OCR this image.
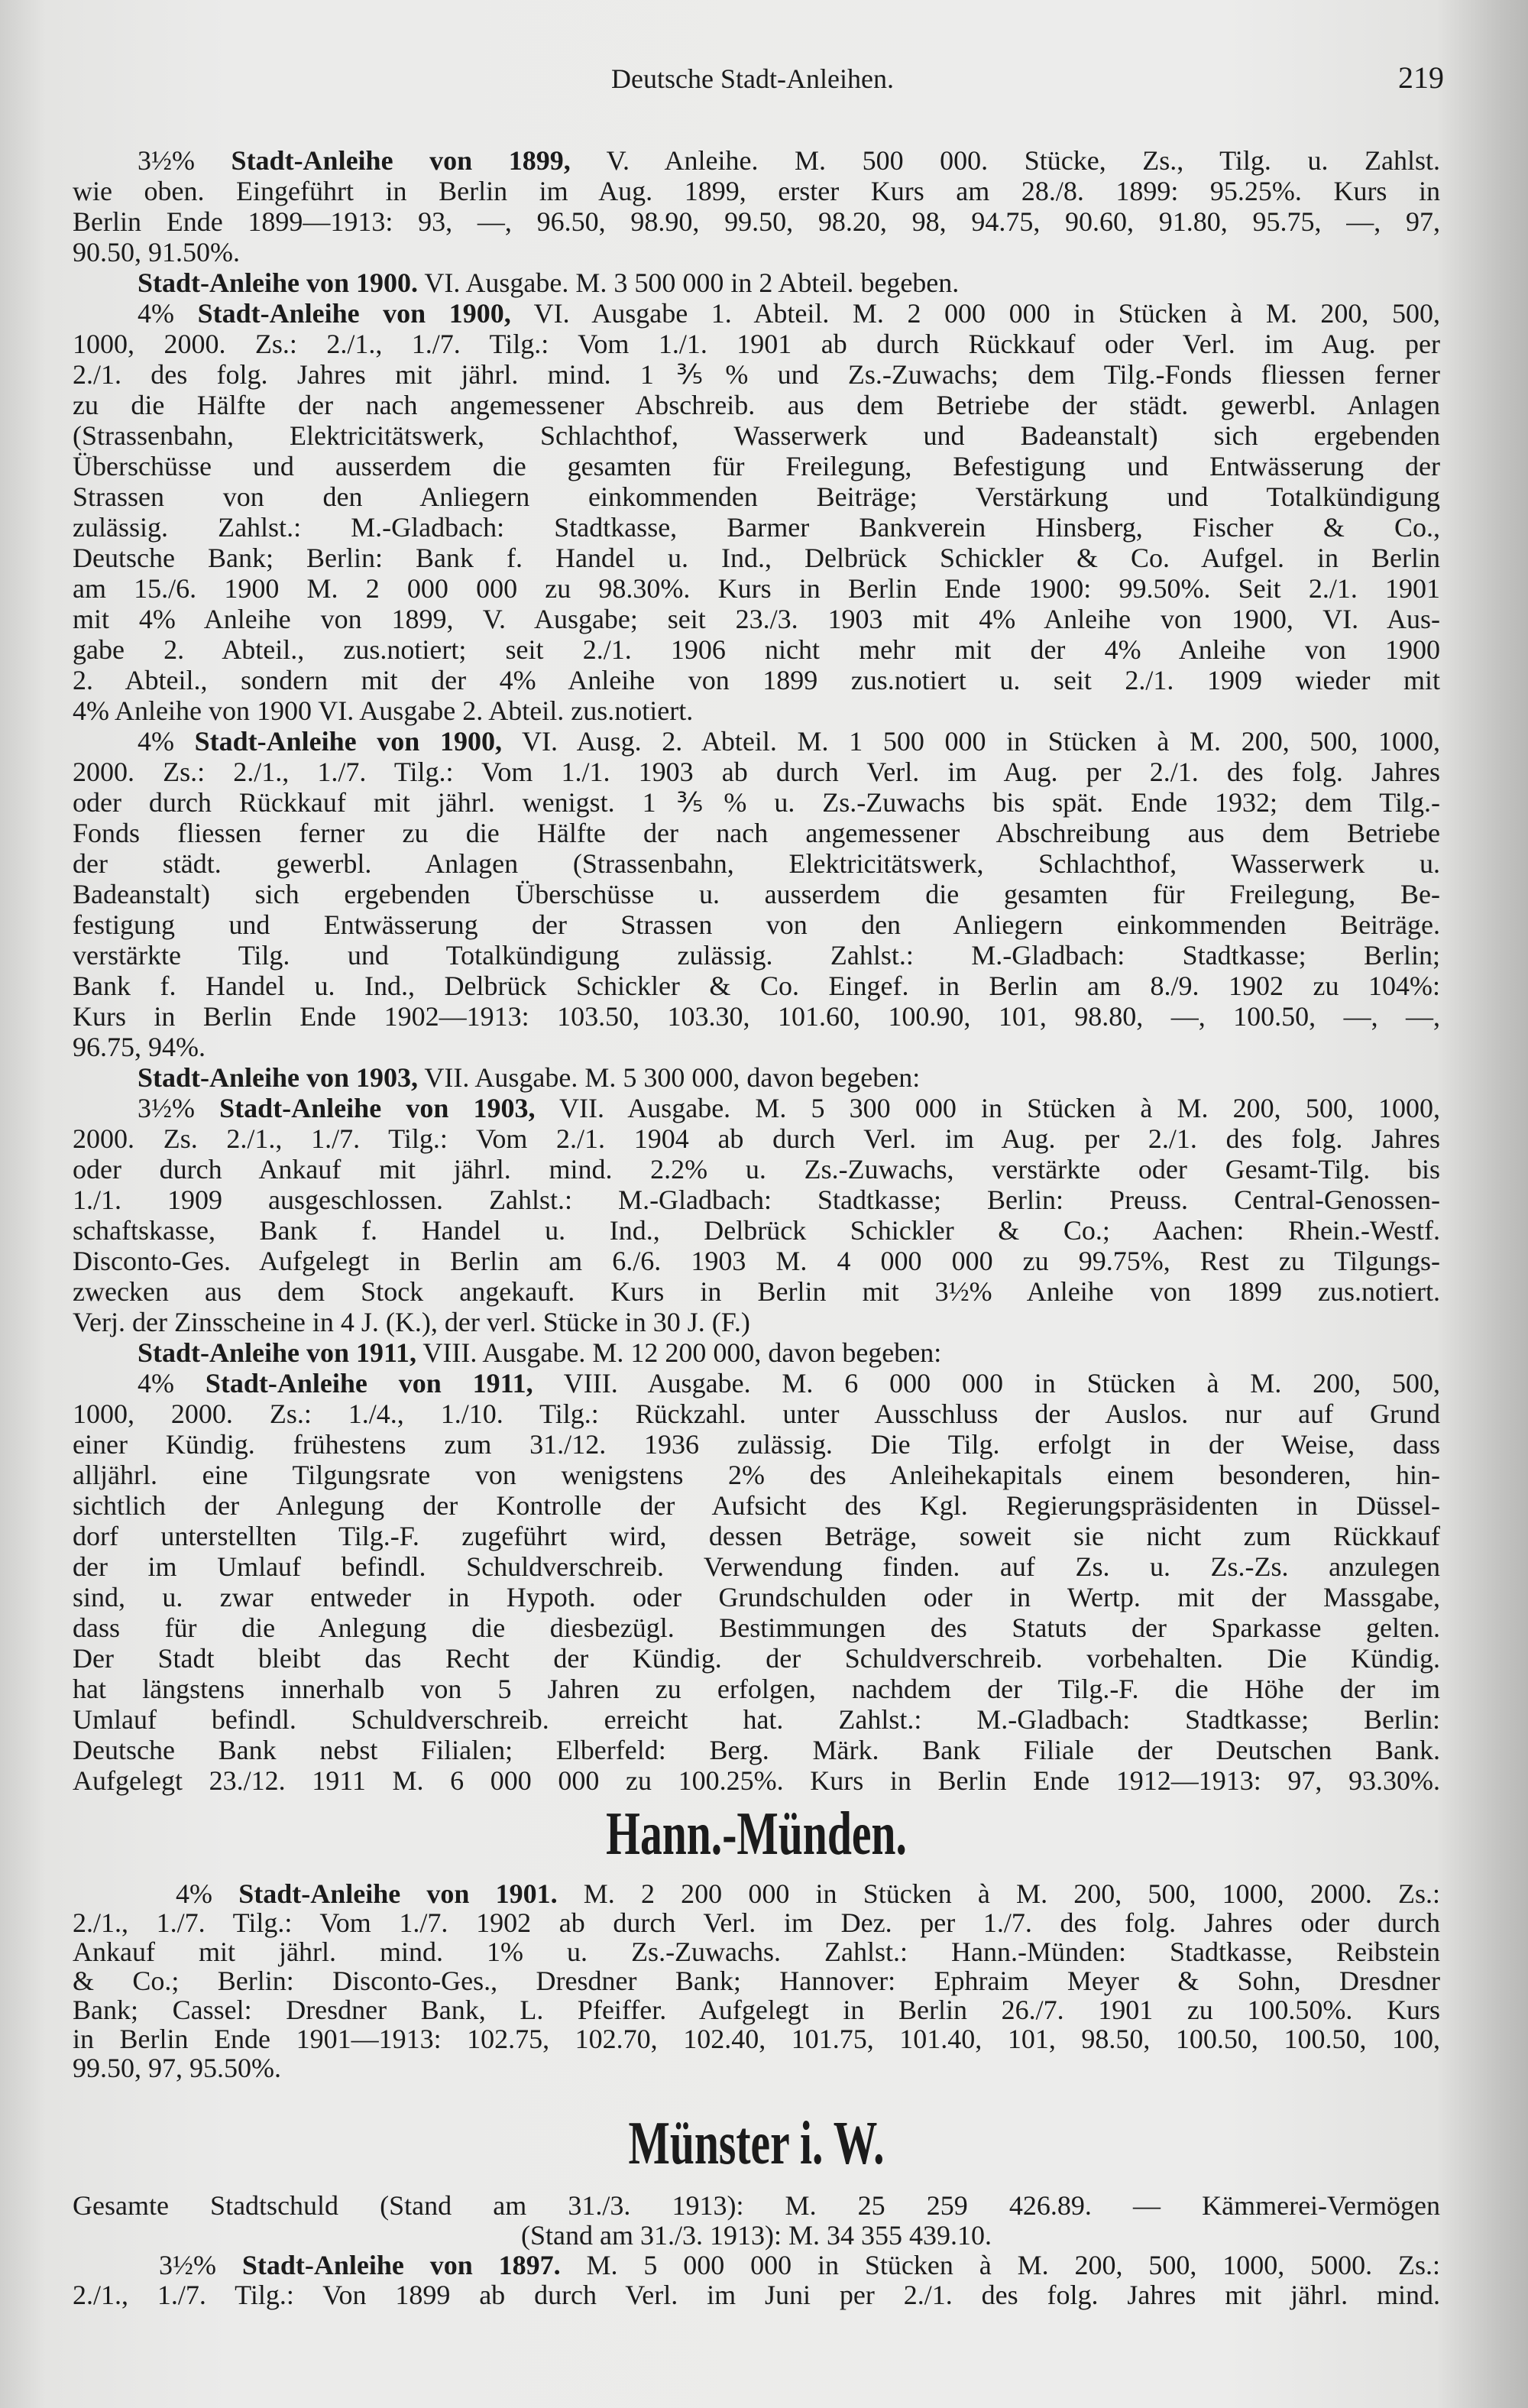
Deutsche Stadt-Anleihen.	219
3½% Stadt-Anleihe von 1899, V. Anleihe. M. 500 000. Stücke, Zs., Tilg. u. Zahlst.
wie oben. Eingeführt in Berlin im Aug. 1899, erster Kurs am 28./8. 1899: 95.25%. Kurs in
Berlin Ende 1899—1913: 93, —, 96.50, 98.90, 99.50, 98.20, 98, 94.75, 90.60, 91.80, 95.75, —, 97,
90.50, 91.50%.
Stadt-Anleihe von 1900. VI. Ausgabe. M. 3 500 000 in 2 Abteil. begeben.
4% Stadt-Anleihe von 1900, VI. Ausgabe 1. Abteil. M. 2 000 000 in Stücken à M. 200, 500,
1000, 2000. Zs.: 2./1., 1./7. Tilg.: Vom 1./1. 1901 ab durch Rückkauf oder Verl. im Aug. per
2./1. des folg. Jahres mit jährl. mind. 1⅗% und Zs.-Zuwachs; dem Tilg.-Fonds fliessen ferner
zu die Hälfte der nach angemessener Abschreib. aus dem Betriebe der städt. gewerbl. Anlagen
(Strassenbahn, Elektricitätswerk, Schlachthof, Wasserwerk und Badeanstalt) sich ergebenden
Überschüsse und ausserdem die gesamten für Freilegung, Befestigung und Entwässerung der
Strassen von den Anliegern einkommenden Beiträge; Verstärkung und Totalkündigung
zulässig. Zahlst.: M.-Gladbach: Stadtkasse, Barmer Bankverein Hinsberg, Fischer & Co.,
Deutsche Bank; Berlin: Bank f. Handel u. Ind., Delbrück Schickler & Co. Aufgel. in Berlin
am 15./6. 1900 M. 2 000 000 zu 98.30%. Kurs in Berlin Ende 1900: 99.50%. Seit 2./1. 1901
mit 4% Anleihe von 1899, V. Ausgabe; seit 23./3. 1903 mit 4% Anleihe von 1900, VI. Aus-
gabe 2. Abteil., zus.notiert; seit 2./1. 1906 nicht mehr mit der 4% Anleihe von 1900
2. Abteil., sondern mit der 4% Anleihe von 1899 zus.notiert u. seit 2./1. 1909 wieder mit
4% Anleihe von 1900 VI. Ausgabe 2. Abteil. zus.notiert.
4% Stadt-Anleihe von 1900, VI. Ausg. 2. Abteil. M. 1 500 000 in Stücken à M. 200, 500, 1000,
2000. Zs.: 2./1., 1./7. Tilg.: Vom 1./1. 1903 ab durch Verl. im Aug. per 2./1. des folg. Jahres
oder durch Rückkauf mit jährl. wenigst. 1⅗% u. Zs.-Zuwachs bis spät. Ende 1932; dem Tilg.-
Fonds fliessen ferner zu die Hälfte der nach angemessener Abschreibung aus dem Betriebe
der städt. gewerbl. Anlagen (Strassenbahn, Elektricitätswerk, Schlachthof, Wasserwerk u.
Badeanstalt) sich ergebenden Überschüsse u. ausserdem die gesamten für Freilegung, Be-
festigung und Entwässerung der Strassen von den Anliegern einkommenden Beiträge.
verstärkte Tilg. und Totalkündigung zulässig. Zahlst.: M.-Gladbach: Stadtkasse; Berlin;
Bank f. Handel u. Ind., Delbrück Schickler & Co. Eingef. in Berlin am 8./9. 1902 zu 104%:
Kurs in Berlin Ende 1902—1913: 103.50, 103.30, 101.60, 100.90, 101, 98.80, —, 100.50, —, —,
96.75, 94%.
Stadt-Anleihe von 1903, VII. Ausgabe. M. 5 300 000, davon begeben:
3½% Stadt-Anleihe von 1903, VII. Ausgabe. M. 5 300 000 in Stücken à M. 200, 500, 1000,
2000. Zs. 2./1., 1./7. Tilg.: Vom 2./1. 1904 ab durch Verl. im Aug. per 2./1. des folg. Jahres
oder durch Ankauf mit jährl. mind. 2.2% u. Zs.-Zuwachs, verstärkte oder Gesamt-Tilg. bis
1./1. 1909 ausgeschlossen. Zahlst.: M.-Gladbach: Stadtkasse; Berlin: Preuss. Central-Genossen-
schaftskasse, Bank f. Handel u. Ind., Delbrück Schickler & Co.; Aachen: Rhein.-Westf.
Disconto-Ges. Aufgelegt in Berlin am 6./6. 1903 M. 4 000 000 zu 99.75%, Rest zu Tilgungs-
zwecken aus dem Stock angekauft. Kurs in Berlin mit 3½% Anleihe von 1899 zus.notiert.
Verj. der Zinsscheine in 4 J. (K.), der verl. Stücke in 30 J. (F.)
Stadt-Anleihe von 1911, VIII. Ausgabe. M. 12 200 000, davon begeben:
4% Stadt-Anleihe von 1911, VIII. Ausgabe. M. 6 000 000 in Stücken à M. 200, 500,
1000, 2000. Zs.: 1./4., 1./10. Tilg.: Rückzahl. unter Ausschluss der Auslos. nur auf Grund
einer Kündig. frühestens zum 31./12. 1936 zulässig. Die Tilg. erfolgt in der Weise, dass
alljährl. eine Tilgungsrate von wenigstens 2% des Anleihekapitals einem besonderen, hin-
sichtlich der Anlegung der Kontrolle der Aufsicht des Kgl. Regierungspräsidenten in Düssel-
dorf unterstellten Tilg.-F. zugeführt wird, dessen Beträge, soweit sie nicht zum Rückkauf
der im Umlauf befindl. Schuldverschreib. Verwendung finden. auf Zs. u. Zs.-Zs. anzulegen
sind, u. zwar entweder in Hypoth. oder Grundschulden oder in Wertp. mit der Massgabe,
dass für die Anlegung die diesbezügl. Bestimmungen des Statuts der Sparkasse gelten.
Der Stadt bleibt das Recht der Kündig. der Schuldverschreib. vorbehalten. Die Kündig.
hat längstens innerhalb von 5 Jahren zu erfolgen, nachdem der Tilg.-F. die Höhe der im
Umlauf befindl. Schuldverschreib. erreicht hat. Zahlst.: M.-Gladbach: Stadtkasse; Berlin:
Deutsche Bank nebst Filialen; Elberfeld: Berg. Märk. Bank Filiale der Deutschen Bank.
Aufgelegt 23./12. 1911 M. 6 000 000 zu 100.25%. Kurs in Berlin Ende 1912—1913: 97, 93.30%.
Hann.-Münden.
4% Stadt-Anleihe von 1901. M. 2 200 000 in Stücken à M. 200, 500, 1000, 2000. Zs.:
2./1., 1./7. Tilg.: Vom 1./7. 1902 ab durch Verl. im Dez. per 1./7. des folg. Jahres oder durch
Ankauf mit jährl. mind. 1% u. Zs.-Zuwachs. Zahlst.: Hann.-Münden: Stadtkasse, Reibstein
& Co.; Berlin: Disconto-Ges., Dresdner Bank; Hannover: Ephraim Meyer & Sohn, Dresdner
Bank; Cassel: Dresdner Bank, L. Pfeiffer. Aufgelegt in Berlin 26./7. 1901 zu 100.50%. Kurs
in Berlin Ende 1901—1913: 102.75, 102.70, 102.40, 101.75, 101.40, 101, 98.50, 100.50, 100.50, 100,
99.50, 97, 95.50%.
Münster i. W.
Gesamte Stadtschuld (Stand am 31./3. 1913): M. 25 259 426.89. — Kämmerei-Vermögen
(Stand am 31./3. 1913): M. 34 355 439.10.
3½% Stadt-Anleihe von 1897. M. 5 000 000 in Stücken à M. 200, 500, 1000, 5000. Zs.:
2./1., 1./7. Tilg.: Von 1899 ab durch Verl. im Juni per 2./1. des folg. Jahres mit jährl. mind.
